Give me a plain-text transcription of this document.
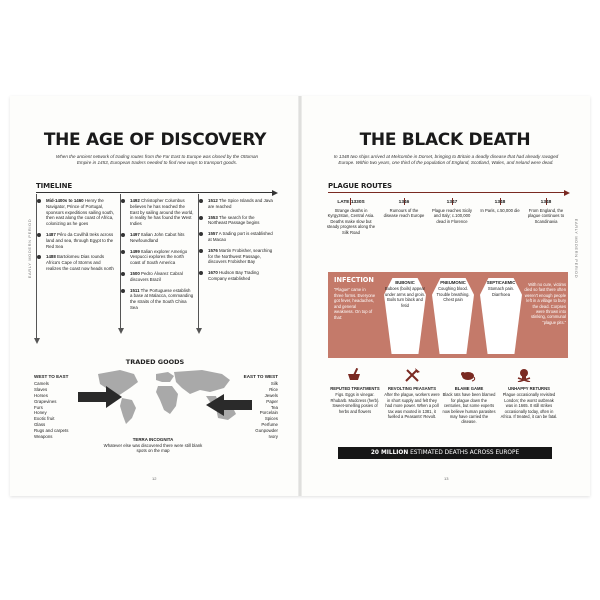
EARLY MODERN PERIOD
THE AGE OF DISCOVERY
When the ancient network of trading routes from the Far East to Europe was closed by the Ottoman Empire in 1453, European traders needed to find new ways to transport goods.
TIMELINE
Mid-1400s to 1460 Henry the Navigator, Prince of Portugal, sponsors expeditions sailing south, then east along the coast of Africa, colonizing as he goes
1487 Pêro da Covilhã treks across land and sea, through Egypt to the Red Sea
1488 Bartolomeu Dias rounds Africa's Cape of Storms and realizes the coast now heads north
1492 Christopher Columbus believes he has reached the East by sailing around the world, in reality he has found the West Indies
1497 Italian John Cabot hits Newfoundland
1499 Italian explorer Amerigo Vespucci explores the north coast of South America
1500 Pedro Álvarez Cabral discovers Brazil
1511 The Portuguese establish a base at Malacca, commanding the straits of the South China Sea
1512 The Spice Islands and Java are reached
1553 The search for the Northeast Passage begins
1557 A trading port is established at Macao
1576 Martin Frobisher, searching for the Northwest Passage, discovers Frobisher Bay
1670 Hudson Bay Trading Company established
TRADED GOODS
WEST TO EAST
Camels
Slaves
Horses
Grapevines
Furs
Honey
Exotic fruit
Glass
Rugs and carpets
Weapons
EAST TO WEST
Silk
Rice
Jewels
Paper
Tea
Porcelain
Spices
Perfume
Gunpowder
Ivory
TERRA INCOGNITA
Whatever else was discovered there were still blank spots on the map
12
EARLY MODERN PERIOD
THE BLACK DEATH
In 1348 two ships arrived at Melcombe in Dorset, bringing to Britain a deadly disease that had already ravaged Europe. Within two years, one third of the population of England, Scotland, Wales, and Ireland were dead.
PLAGUE ROUTES
LATE 1330S
Strange deaths in Kyrgyzstan, Central Asia. Deaths make slow but steady progress along the Silk Road
1346
Rumours of the disease reach Europe
1347
Plague reaches Sicily and Italy; c.100,000 dead in Florence
1348
In Paris, c.50,000 die
1348
From England, the plague continues to Scandinavia
INFECTION
“Plague” came in three forms. Everyone got fever, headaches, and general weakness. On top of that:
BUBONIC
Buboes (boils) appear under arms and groin. Boils turn black and fetid
PNEUMONIC
Coughing blood. Trouble breathing. Chest pain
SEPTICAEMIC
Stomach pain. Diarrhoea
With no cure, victims died so fast there often weren't enough people left in a village to bury the dead. Corpses were thrown into stinking, communal “plague pits.”
REPUTED TREATMENTS
Figs. Eggs in vinegar. Rhubarb. Mudcress (herb). Sweet-smelling posies of herbs and flowers
REVOLTING PEASANTS
After the plague, workers were in short supply and felt they had more power. When a poll tax was mooted in 1381, it fuelled a Peasants' Revolt.
BLAME GAME
Black rats have been blamed for plague down the centuries, but some experts now believe human parasites may have carried the disease.
UNHAPPY RETURNS
Plague occasionally revisited London; the worst outbreak was in 1665. It still strikes occasionally today, often in Africa. If treated, it can be fatal.
20 MILLION ESTIMATED DEATHS ACROSS EUROPE
13
